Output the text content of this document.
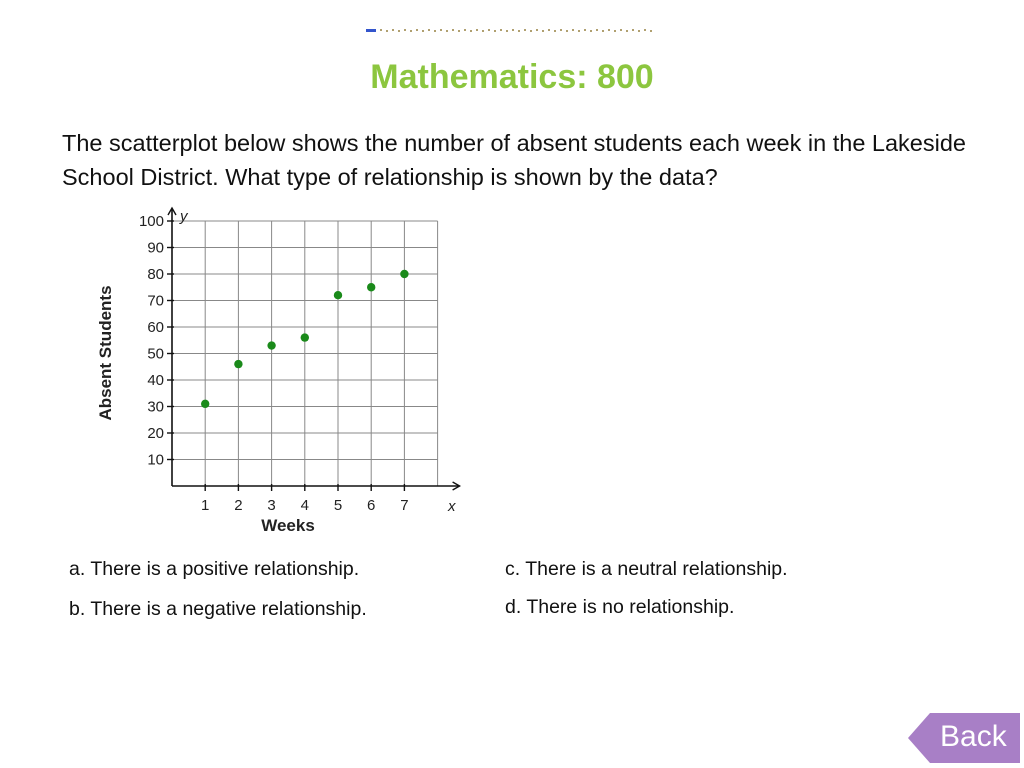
Mathematics: 800
The scatterplot below shows the number of absent students each week in the Lakeside School District. What type of relationship is shown by the data?
10
20
30
40
50
60
70
80
90
100
1 2 3 4 5 6 7
Absent Students
Weeks
y
x
a. There is a positive relationship.
b. There is a negative relationship.
c. There is a neutral relationship.
d. There is no relationship.
Back
